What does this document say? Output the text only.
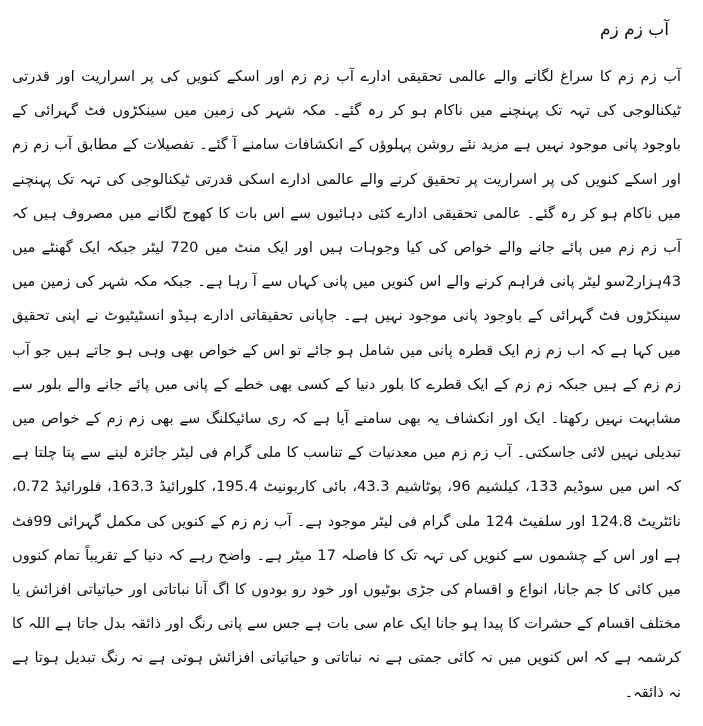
آب زم زم

آب زم زم کا سراغ لگانے والے عالمی تحقیقی ادارے آب زم زم اور اسکے کنویں کی پر اسراریت اور قدرتی ٹیکنالوجی کی تہہ تک پہنچنے میں ناکام ہو کر رہ گئے۔ مکہ شہر کی زمین میں سینکڑوں فٹ گہرائی کے باوجود پانی موجود نہیں ہے مزید نئے روشن پہلوؤں کے انکشافات سامنے آ گئے۔ تفصیلات کے مطابق آب زم زم اور اسکے کنویں کی پر اسراریت پر تحقیق کرنے والے عالمی ادارے اسکی قدرتی ٹیکنالوجی کی تہہ تک پہنچنے میں ناکام ہو کر رہ گئے۔ عالمی تحقیقی ادارے کئی دہائیوں سے اس بات کا کھوج لگانے میں مصروف ہیں کہ آب زم زم میں پائے جانے والے خواص کی کیا وجوہات ہیں اور ایک منٹ میں 720 لیٹر جبکہ ایک گھنٹے میں 43ہزار2سو لیٹر پانی فراہم کرنے والے اس کنویں میں پانی کہاں سے آ رہا ہے۔ جبکہ مکہ شہر کی زمین میں سینکڑوں فٹ گہرائی کے باوجود پانی موجود نہیں ہے۔ جاپانی تحقیقاتی ادارے ہیڈو انسٹیٹیوٹ نے اپنی تحقیق میں کہا ہے کہ اب زم زم ایک قطرہ پانی میں شامل ہو جائے تو اس کے خواص بھی وہی ہو جاتے ہیں جو آب زم زم کے ہیں جبکہ زم زم کے ایک قطرے کا بلور دنیا کے کسی بھی خطے کے پانی میں پائے جانے والے بلور سے مشابہت نہیں رکھتا۔ ایک اور انکشاف یہ بھی سامنے آیا ہے کہ ری سائیکلنگ سے بھی زم زم کے خواص میں تبدیلی نہیں لائی جاسکتی۔ آب زم زم میں معدنیات کے تناسب کا ملی گرام فی لیٹر جائزہ لینے سے پتا چلتا ہے کہ اس میں سوڈیم 133، کیلشیم 96، پوٹاشیم 43.3، بائی کاربونیٹ 195.4، کلورائیڈ 163.3، فلورائیڈ 0.72، نائٹریٹ 124.8 اور سلفیٹ 124 ملی گرام فی لیٹر موجود ہے۔ آب زم زم کے کنویں کی مکمل گہرائی 99فٹ ہے اور اس کے چشموں سے کنویں کی تہہ تک کا فاصلہ 17 میٹر ہے۔ واضح رہے کہ دنیا کے تقریباً تمام کنووں میں کائی کا جم جانا، انواع و اقسام کی جڑی بوٹیوں اور خود رو بودوں کا اگ آنا نباتاتی اور حیاتیاتی افزائش یا مختلف اقسام کے حشرات کا پیدا ہو جانا ایک عام سی بات ہے جس سے پانی رنگ اور ذائقہ بدل جاتا ہے اللہ کا کرشمہ ہے کہ اس کنویں میں نہ کائی جمتی ہے نہ نباتاتی و حیاتیاتی افزائش ہوتی ہے نہ رنگ تبدیل ہوتا ہے نہ ذائقہ۔
